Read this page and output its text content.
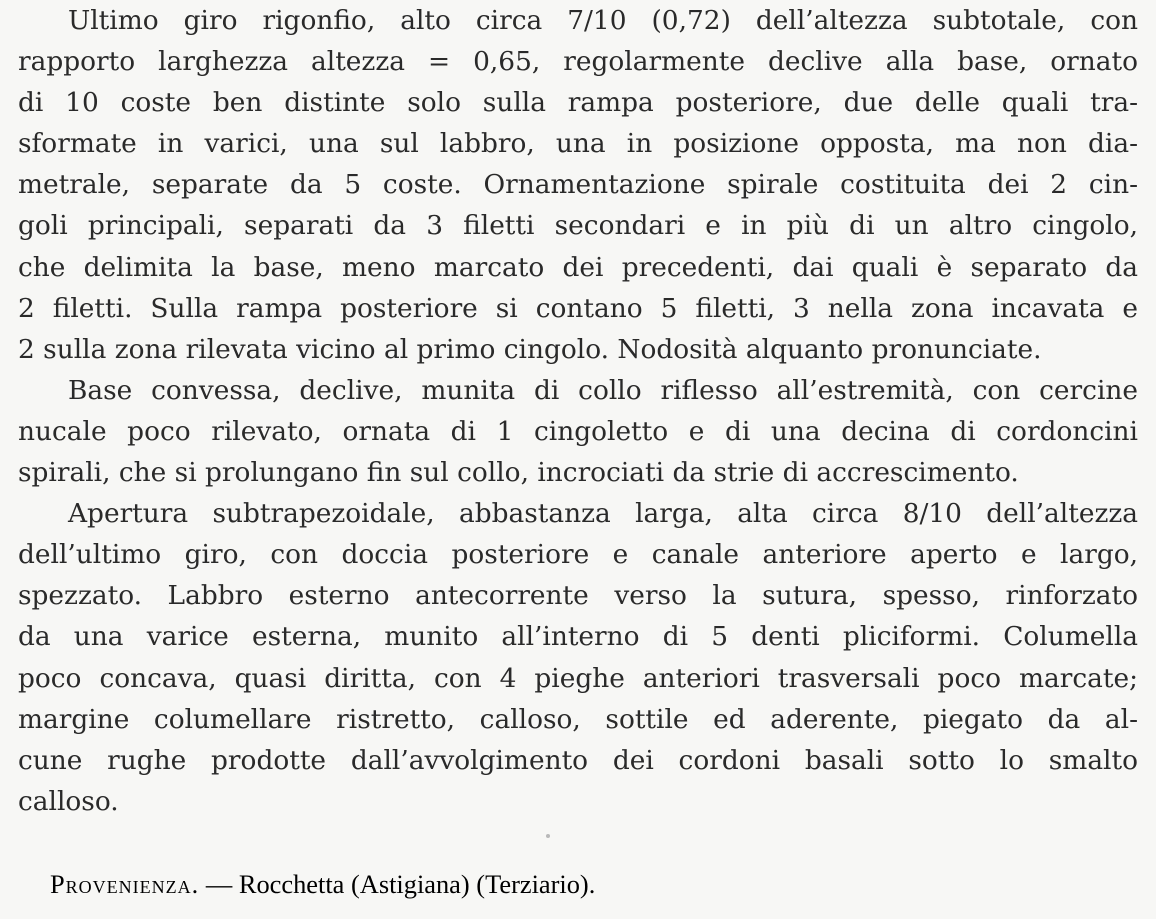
Ultimo giro rigonfio, alto circa 7/10 (0,72) dell’altezza subtotale, con
rapporto larghezza altezza = 0,65, regolarmente declive alla base, ornato
di 10 coste ben distinte solo sulla rampa posteriore, due delle quali tra-
sformate in varici, una sul labbro, una in posizione opposta, ma non dia-
metrale, separate da 5 coste. Ornamentazione spirale costituita dei 2 cin-
goli principali, separati da 3 filetti secondari e in più di un altro cingolo,
che delimita la base, meno marcato dei precedenti, dai quali è separato da
2 filetti. Sulla rampa posteriore si contano 5 filetti, 3 nella zona incavata e
2 sulla zona rilevata vicino al primo cingolo. Nodosità alquanto pronunciate.

Base convessa, declive, munita di collo riflesso all’estremità, con cercine
nucale poco rilevato, ornata di 1 cingoletto e di una decina di cordoncini
spirali, che si prolungano fin sul collo, incrociati da strie di accrescimento.

Apertura subtrapezoidale, abbastanza larga, alta circa 8/10 dell’altezza
dell’ultimo giro, con doccia posteriore e canale anteriore aperto e largo,
spezzato. Labbro esterno antecorrente verso la sutura, spesso, rinforzato
da una varice esterna, munito all’interno di 5 denti pliciformi. Columella
poco concava, quasi diritta, con 4 pieghe anteriori trasversali poco marcate;
margine columellare ristretto, calloso, sottile ed aderente, piegato da al-
cune rughe prodotte dall’avvolgimento dei cordoni basali sotto lo smalto
calloso.

Provenienza. — Rocchetta (Astigiana) (Terziario).
